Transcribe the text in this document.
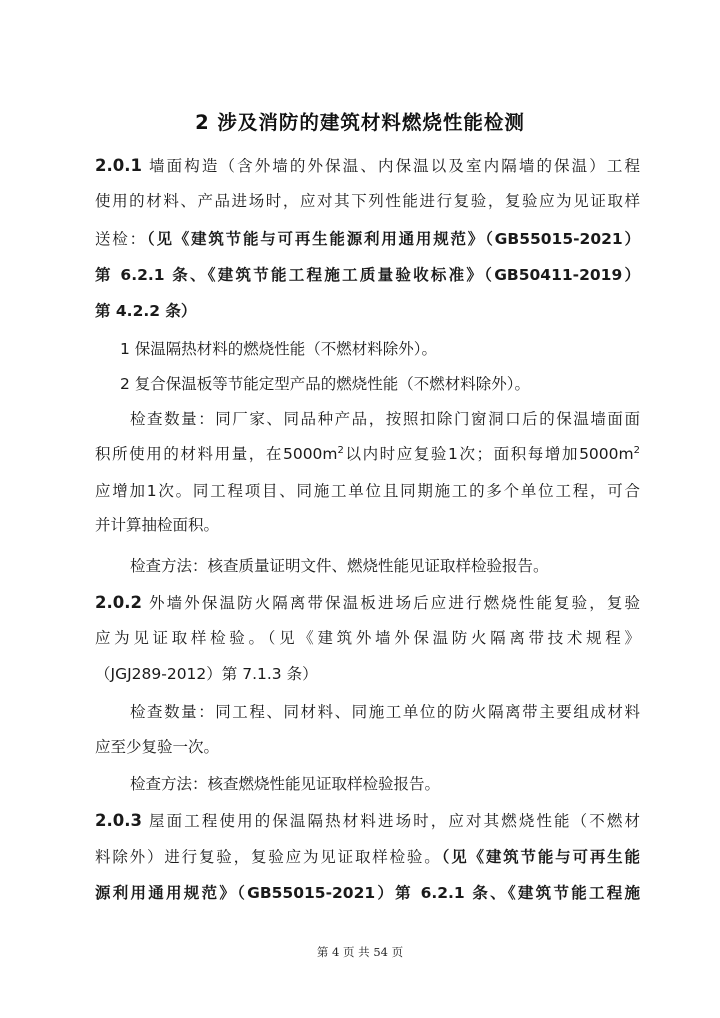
2 涉及消防的建筑材料燃烧性能检测
2.0.1 墙面构造（含外墙的外保温、内保温以及室内隔墙的保温）工程
使用的材料、产品进场时，应对其下列性能进行复验，复验应为见证取样
送检：（见《建筑节能与可再生能源利用通用规范》（GB55015-2021）
第 6.2.1 条、《建筑节能工程施工质量验收标准》（GB50411-2019）
第 4.2.2 条）
1 保温隔热材料的燃烧性能（不燃材料除外）。
2 复合保温板等节能定型产品的燃烧性能（不燃材料除外）。
检查数量：同厂家、同品种产品，按照扣除门窗洞口后的保温墙面面
积所使用的材料用量，在$5000m^2$以内时应复验1次；面积每增加$5000m^2$
应增加1次。同工程项目、同施工单位且同期施工的多个单位工程，可合
并计算抽检面积。
检查方法：核查质量证明文件、燃烧性能见证取样检验报告。
2.0.2 外墙外保温防火隔离带保温板进场后应进行燃烧性能复验，复验
应为见证取样检验。（见《建筑外墙外保温防火隔离带技术规程》
（JGJ289-2012）第 7.1.3 条）
检查数量：同工程、同材料、同施工单位的防火隔离带主要组成材料
应至少复验一次。
检查方法：核查燃烧性能见证取样检验报告。
2.0.3 屋面工程使用的保温隔热材料进场时，应对其燃烧性能（不燃材
料除外）进行复验，复验应为见证取样检验。（见《建筑节能与可再生能
源利用通用规范》（GB55015-2021）第 6.2.1 条、《建筑节能工程施
第 4 页 共 54 页
